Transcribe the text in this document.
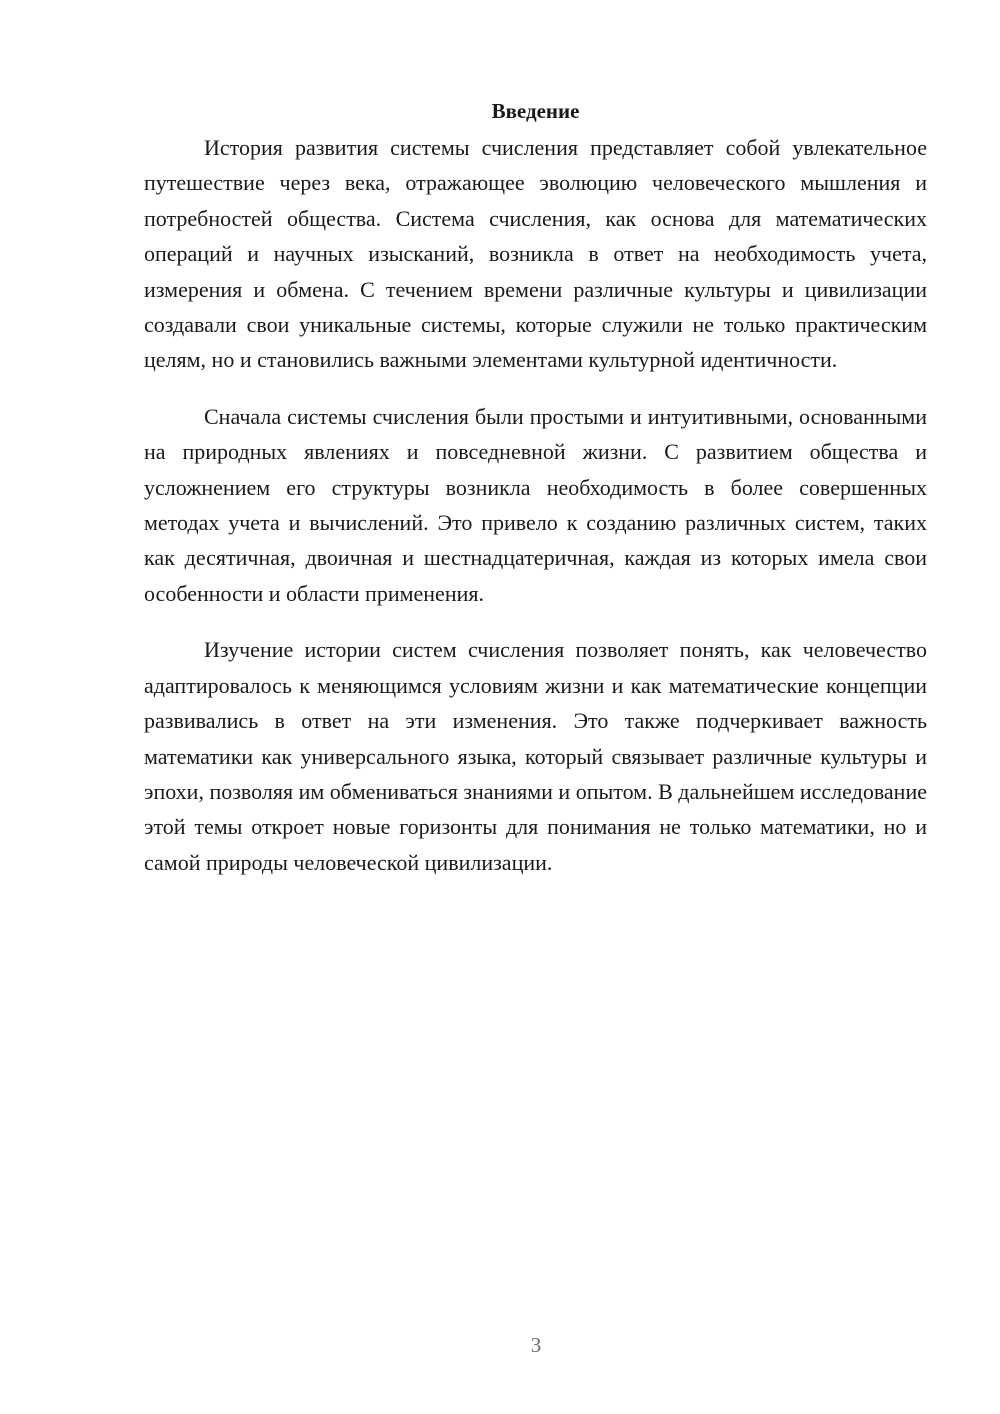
Введение

История развития системы счисления представляет собой увлекательное путешествие через века, отражающее эволюцию человеческого мышления и потребностей общества. Система счисления, как основа для математических операций и научных изысканий, возникла в ответ на необходимость учета, измерения и обмена. С течением времени различные культуры и цивилизации создавали свои уникальные системы, которые служили не только практическим целям, но и становились важными элементами культурной идентичности.

Сначала системы счисления были простыми и интуитивными, основанными на природных явлениях и повседневной жизни. С развитием общества и усложнением его структуры возникла необходимость в более совершенных методах учета и вычислений. Это привело к созданию различных систем, таких как десятичная, двоичная и шестнадцатеричная, каждая из которых имела свои особенности и области применения.

Изучение истории систем счисления позволяет понять, как человечество адаптировалось к меняющимся условиям жизни и как математические концепции развивались в ответ на эти изменения. Это также подчеркивает важность математики как универсального языка, который связывает различные культуры и эпохи, позволяя им обмениваться знаниями и опытом. В дальнейшем исследование этой темы откроет новые горизонты для понимания не только математики, но и самой природы человеческой цивилизации.

3
